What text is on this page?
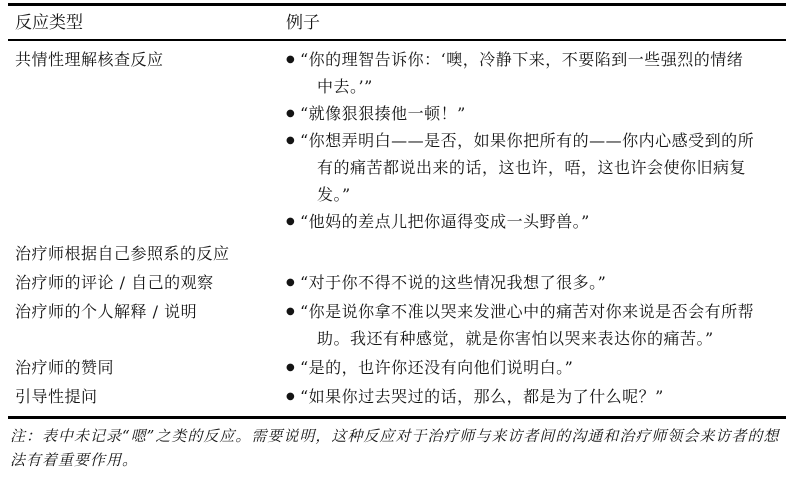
反应类型	例子
共情性理解核查反应	● “你的理智告诉你：‘噢，冷静下来，不要陷到一些强烈的情绪中去。’”
● “就像狠狠揍他一顿！”
● “你想弄明白——是否，如果你把所有的——你内心感受到的所有的痛苦都说出来的话，这也许，唔，这也许会使你旧病复发。”
● “他妈的差点儿把你逼得变成一头野兽。”
治疗师根据自己参照系的反应
治疗师的评论 / 自己的观察	● “对于你不得不说的这些情况我想了很多。”
治疗师的个人解释 / 说明	● “你是说你拿不准以哭来发泄心中的痛苦对你来说是否会有所帮助。我还有种感觉，就是你害怕以哭来表达你的痛苦。”
治疗师的赞同	● “是的，也许你还没有向他们说明白。”
引导性提问	● “如果你过去哭过的话，那么，都是为了什么呢？”
注：表中未记录“嗯”之类的反应。需要说明，这种反应对于治疗师与来访者间的沟通和治疗师领会来访者的想法有着重要作用。
